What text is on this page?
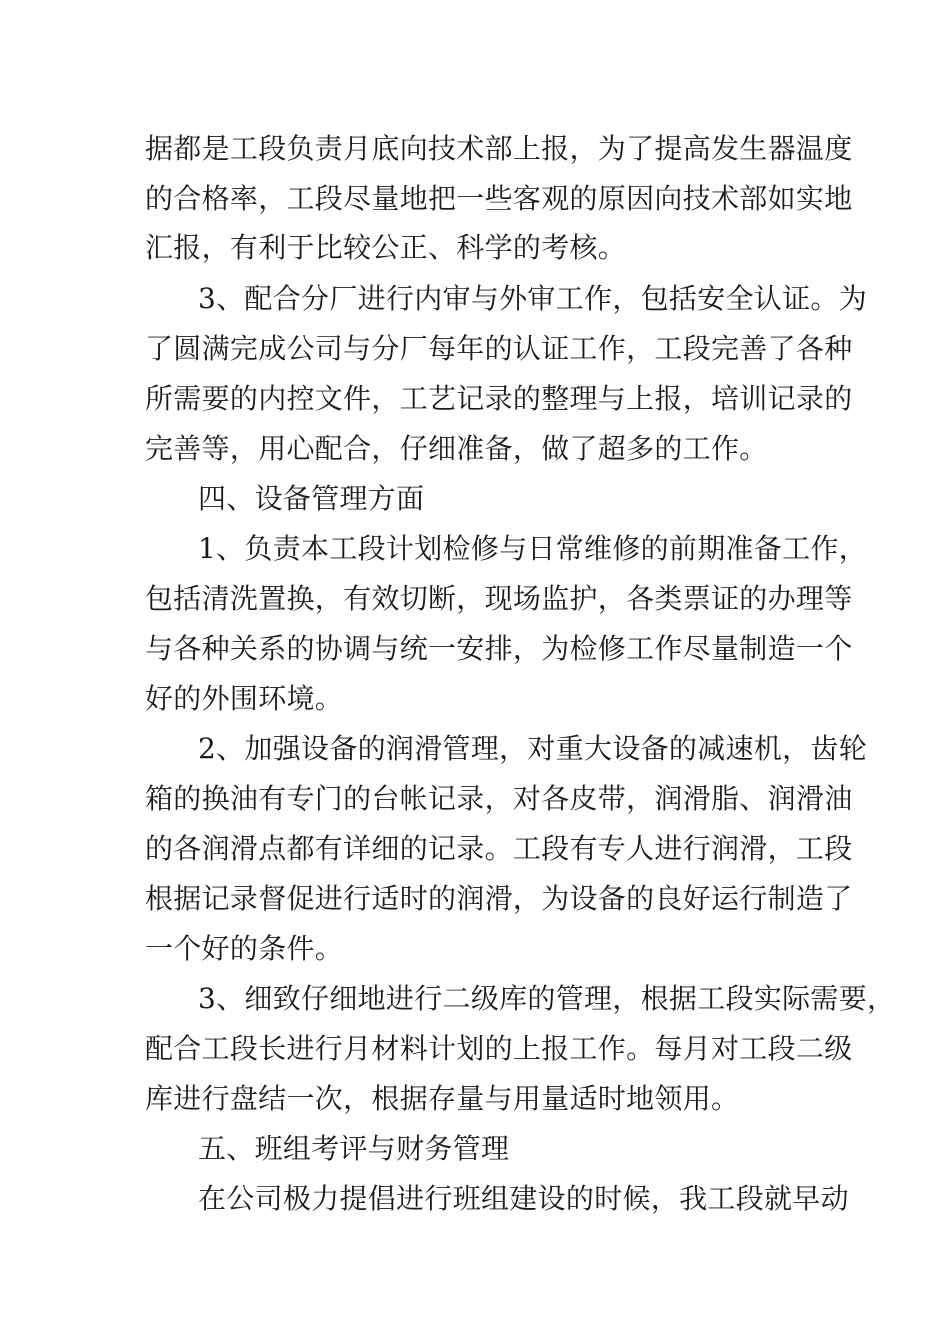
据都是工段负责月底向技术部上报，为了提高发生器温度
的合格率，工段尽量地把一些客观的原因向技术部如实地
汇报，有利于比较公正、科学的考核。
3、配合分厂进行内审与外审工作，包括安全认证。为
了圆满完成公司与分厂每年的认证工作，工段完善了各种
所需要的内控文件，工艺记录的整理与上报，培训记录的
完善等，用心配合，仔细准备，做了超多的工作。
四、设备管理方面
1、负责本工段计划检修与日常维修的前期准备工作，
包括清洗置换，有效切断，现场监护，各类票证的办理等
与各种关系的协调与统一安排，为检修工作尽量制造一个
好的外围环境。
2、加强设备的润滑管理，对重大设备的减速机，齿轮
箱的换油有专门的台帐记录，对各皮带，润滑脂、润滑油
的各润滑点都有详细的记录。工段有专人进行润滑，工段
根据记录督促进行适时的润滑，为设备的良好运行制造了
一个好的条件。
3、细致仔细地进行二级库的管理，根据工段实际需要，
配合工段长进行月材料计划的上报工作。每月对工段二级
库进行盘结一次，根据存量与用量适时地领用。
五、班组考评与财务管理
在公司极力提倡进行班组建设的时候，我工段就早动
